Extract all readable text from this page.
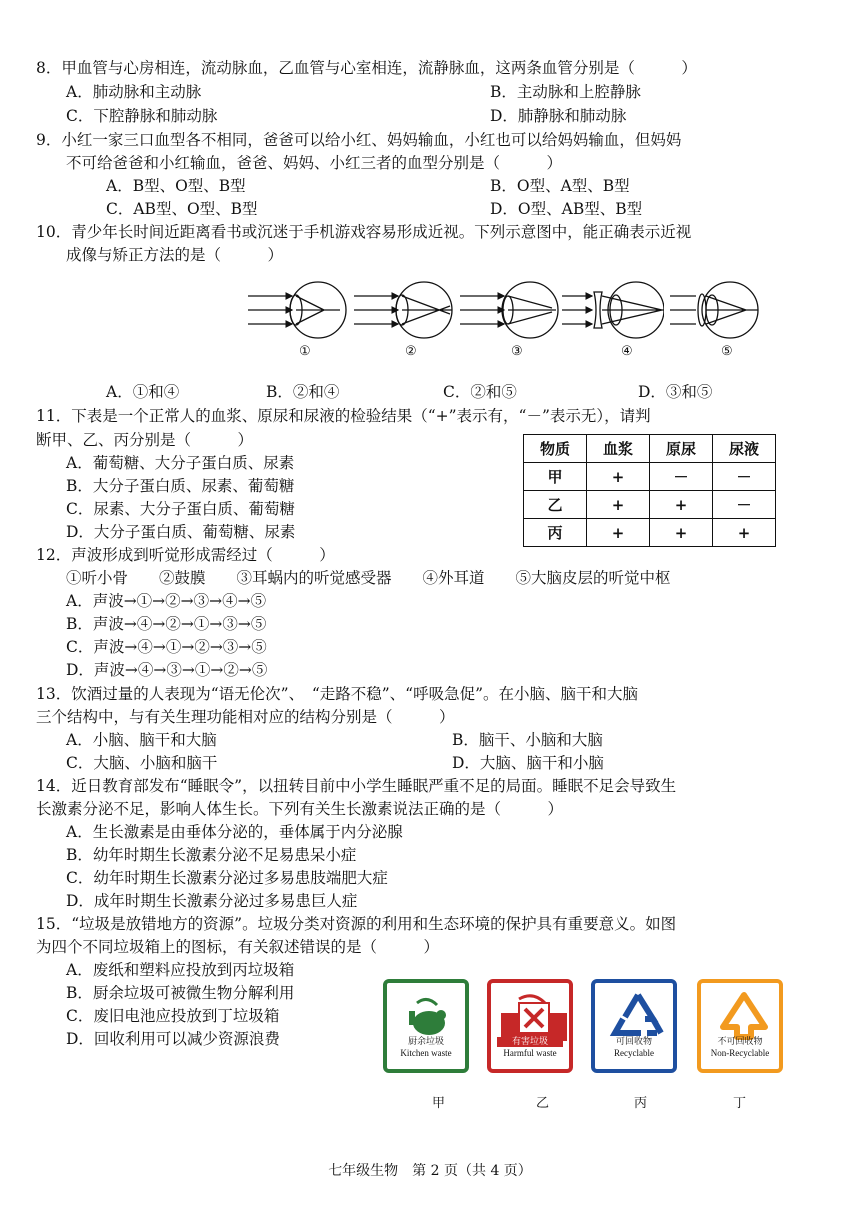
8．甲血管与心房相连，流动脉血，乙血管与心室相连，流静脉血，这两条血管分别是（　　　）
A．肺动脉和主动脉	B．主动脉和上腔静脉
C．下腔静脉和肺动脉	D．肺静脉和肺动脉
9．小红一家三口血型各不相同，爸爸可以给小红、妈妈输血，小红也可以给妈妈输血，但妈妈
不可给爸爸和小红输血，爸爸、妈妈、小红三者的血型分别是（　　　）
A．B型、O型、B型	B．O型、A型、B型
C．AB型、O型、B型	D．O型、AB型、B型
10．青少年长时间近距离看书或沉迷于手机游戏容易形成近视。下列示意图中，能正确表示近视
成像与矫正方法的是（　　　）
①	②	③	④	⑤
A．①和④	B．②和④	C．②和⑤	D．③和⑤
11．下表是一个正常人的血浆、原尿和尿液的检验结果（“+”表示有，“－”表示无），请判
断甲、乙、丙分别是（　　　）
A．葡萄糖、大分子蛋白质、尿素
B．大分子蛋白质、尿素、葡萄糖
C．尿素、大分子蛋白质、葡萄糖
D．大分子蛋白质、葡萄糖、尿素
物质	血浆	原尿	尿液
甲	+	－	－
乙	+	+	－
丙	+	+	+
12．声波形成到听觉形成需经过（　　　）
①听小骨　　②鼓膜　　③耳蜗内的听觉感受器　　④外耳道　　⑤大脑皮层的听觉中枢
A．声波→①→②→③→④→⑤
B．声波→④→②→①→③→⑤
C．声波→④→①→②→③→⑤
D．声波→④→③→①→②→⑤
13．饮酒过量的人表现为“语无伦次”、　“走路不稳”、“呼吸急促”。在小脑、脑干和大脑
三个结构中，与有关生理功能相对应的结构分别是（　　　）
A．小脑、脑干和大脑	B．脑干、小脑和大脑
C．大脑、小脑和脑干	D．大脑、脑干和小脑
14．近日教育部发布“睡眠令”，以扭转目前中小学生睡眠严重不足的局面。睡眠不足会导致生
长激素分泌不足，影响人体生长。下列有关生长激素说法正确的是（　　　）
A．生长激素是由垂体分泌的，垂体属于内分泌腺
B．幼年时期生长激素分泌不足易患呆小症
C．幼年时期生长激素分泌过多易患肢端肥大症
D．成年时期生长激素分泌过多易患巨人症
15．“垃圾是放错地方的资源”。垃圾分类对资源的利用和生态环境的保护具有重要意义。如图
为四个不同垃圾箱上的图标，有关叙述错误的是（　　　）
A．废纸和塑料应投放到丙垃圾箱
B．厨余垃圾可被微生物分解利用
C．废旧电池应投放到丁垃圾箱
D．回收利用可以减少资源浪费	厨余垃圾
Kitchen waste
有害垃圾
Harmful waste
可回收物
Recyclable
不可回收物
Non-Recyclable
甲	乙	丙	丁
七年级生物　第 2 页（共 4 页）
